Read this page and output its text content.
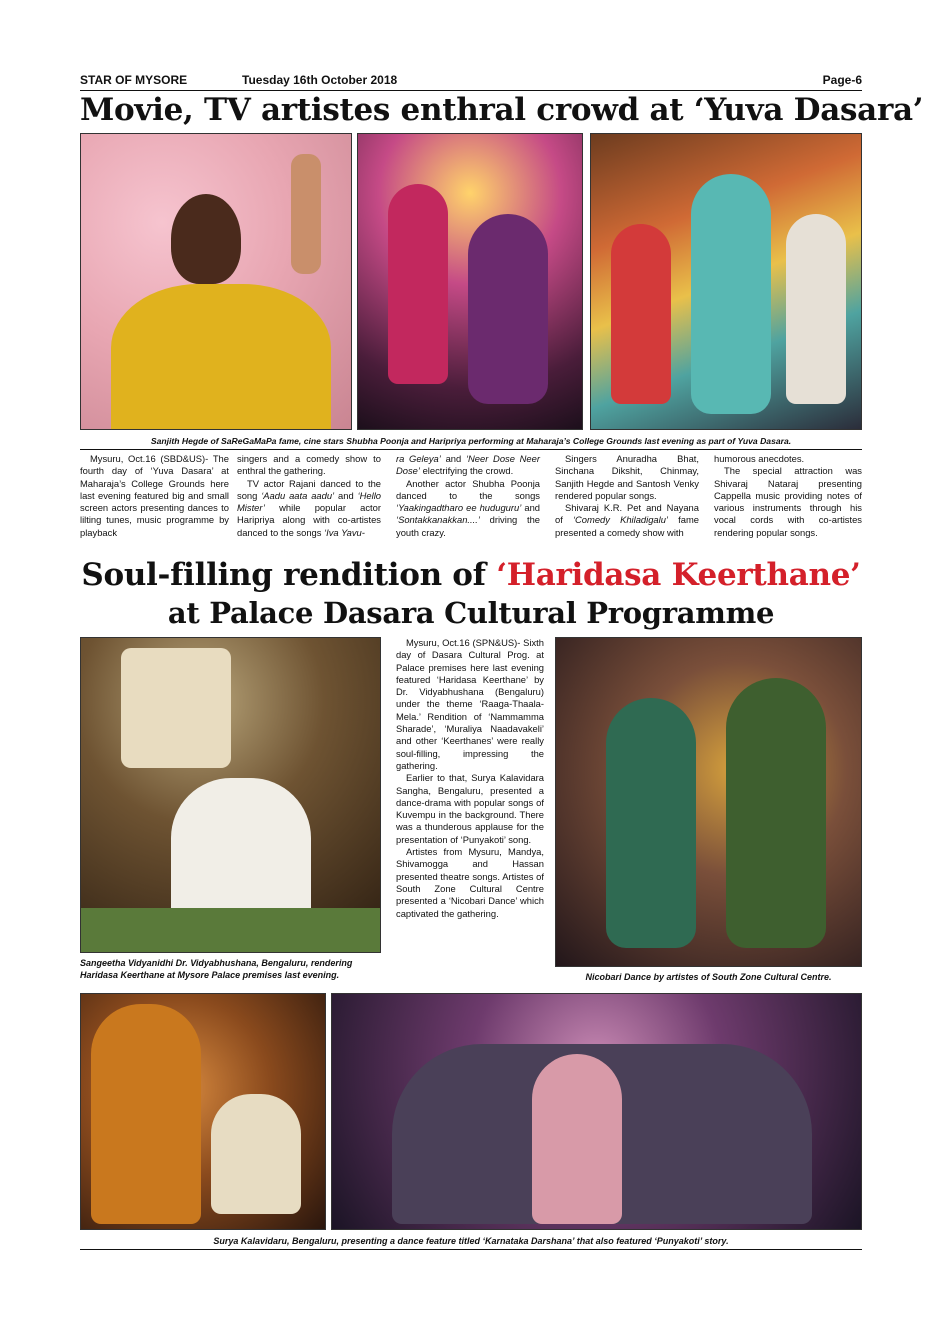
STAR OF MYSORE	Tuesday 16th October 2018	Page-6
Movie, TV artistes enthral crowd at ‘Yuva Dasara’
Sanjith Hegde of SaReGaMaPa fame, cine stars Shubha Poonja and Haripriya performing at Maharaja’s College Grounds last evening as part of Yuva Dasara.

Mysuru, Oct.16 (SBD&US)- The fourth day of ‘Yuva Dasara’ at Maharaja’s College Grounds here last evening featured big and small screen actors presenting dances to lilting tunes, music programme by playback

singers and a comedy show to enthral the gathering.

TV actor Rajani danced to the song ‘Aadu aata aadu’ and ‘Hello Mister’ while popular actor Haripriya along with co-artistes danced to the songs ‘Iva Yavu-

ra Geleya’ and ‘Neer Dose Neer Dose’ electrifying the crowd.

Another actor Shubha Poonja danced to the songs ‘Yaakingadtharo ee huduguru’ and ‘Sontakkanakkan....’ driving the youth crazy.

Singers Anuradha Bhat, Sinchana Dikshit, Chinmay, Sanjith Hegde and Santosh Venky rendered popular songs.

Shivaraj K.R. Pet and Nayana of ‘Comedy Khiladigalu’ fame presented a comedy show with

humorous anecdotes.

The special attraction was Shivaraj Nataraj presenting Cappella music providing notes of various instruments through his vocal cords with co-artistes rendering popular songs.

Soul-filling rendition of ‘Haridasa Keerthane’
at Palace Dasara Cultural Programme

Mysuru, Oct.16 (SPN&US)- Sixth day of Dasara Cultural Prog. at Palace premises here last evening featured ‘Haridasa Keerthane’ by Dr. Vidyabhushana (Bengaluru) under the theme ‘Raaga-Thaala-Mela.’ Rendition of ‘Nammamma Sharade’, ‘Muraliya Naadavakeli’ and other ‘Keerthanes’ were really soul-filling, impressing the gathering.

Earlier to that, Surya Kalavidara Sangha, Bengaluru, presented a dance-drama with popular songs of Kuvempu in the background. There was a thunderous applause for the presentation of ‘Punyakoti’ song.

Artistes from Mysuru, Mandya, Shivamogga and Hassan presented theatre songs. Artistes of South Zone Cultural Centre presented a ‘Nicobari Dance’ which captivated the gathering.

Sangeetha Vidyanidhi Dr. Vidyabhushana, Bengaluru, rendering Haridasa Keerthane at Mysore Palace premises last evening.	Nicobari Dance by artistes of South Zone Cultural Centre.
Surya Kalavidaru, Bengaluru, presenting a dance feature titled ‘Karnataka Darshana’ that also featured ‘Punyakoti’ story.
